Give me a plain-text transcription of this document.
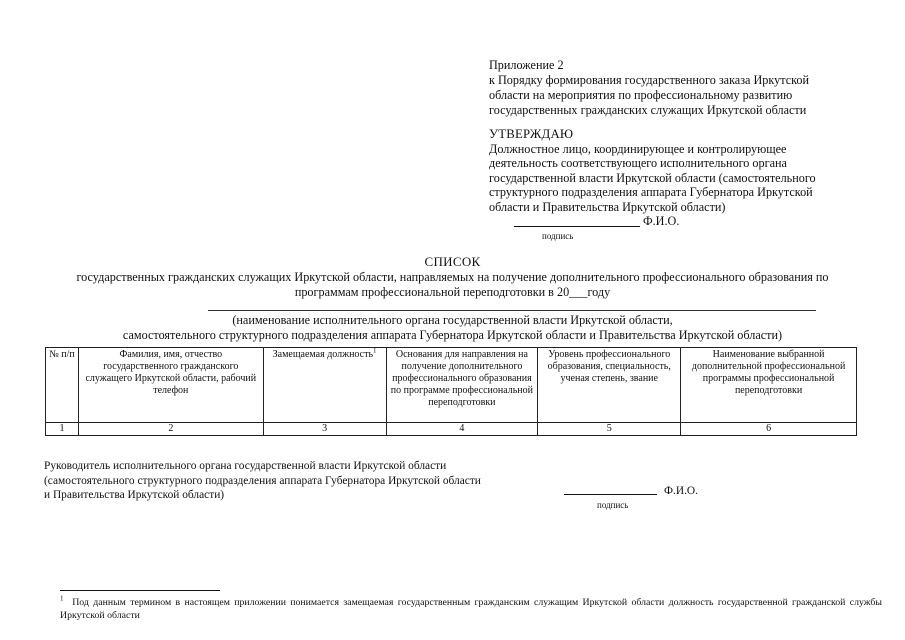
Приложение 2
к Порядку формирования государственного заказа Иркутской
области на мероприятия по профессиональному развитию
государственных гражданских служащих Иркутской области
УТВЕРЖДАЮ
Должностное лицо, координирующее и контролирующее
деятельность соответствующего исполнительного органа
государственной власти Иркутской области (самостоятельного
структурного подразделения аппарата Губернатора Иркутской
области и Правительства Иркутской области)
Ф.И.О.
подпись
СПИСОК
государственных гражданских служащих Иркутской области, направляемых на получение дополнительного профессионального образования по
программам профессиональной переподготовки в 20___году
(наименование исполнительного органа государственной власти Иркутской области,
самостоятельного структурного подразделения аппарата Губернатора Иркутской области и Правительства Иркутской области)
№ п/п	Фамилия, имя, отчество государственного гражданского служащего Иркутской области, рабочий телефон	Замещаемая должность$^1$	Основания для направления на получение дополнительного профессионального образования по программе профессиональной переподготовки	Уровень профессионального образования, специальность, ученая степень, звание	Наименование выбранной дополнительной профессиональной программы профессиональной переподготовки
1	2	3	4	5	6
Руководитель исполнительного органа государственной власти Иркутской области
(самостоятельного структурного подразделения аппарата Губернатора Иркутской области
и Правительства Иркутской области)	Ф.И.О.
подпись
$^1$ Под данным термином в настоящем приложении понимается замещаемая государственным гражданским служащим Иркутской области должность государственной гражданской службы Иркутской области
